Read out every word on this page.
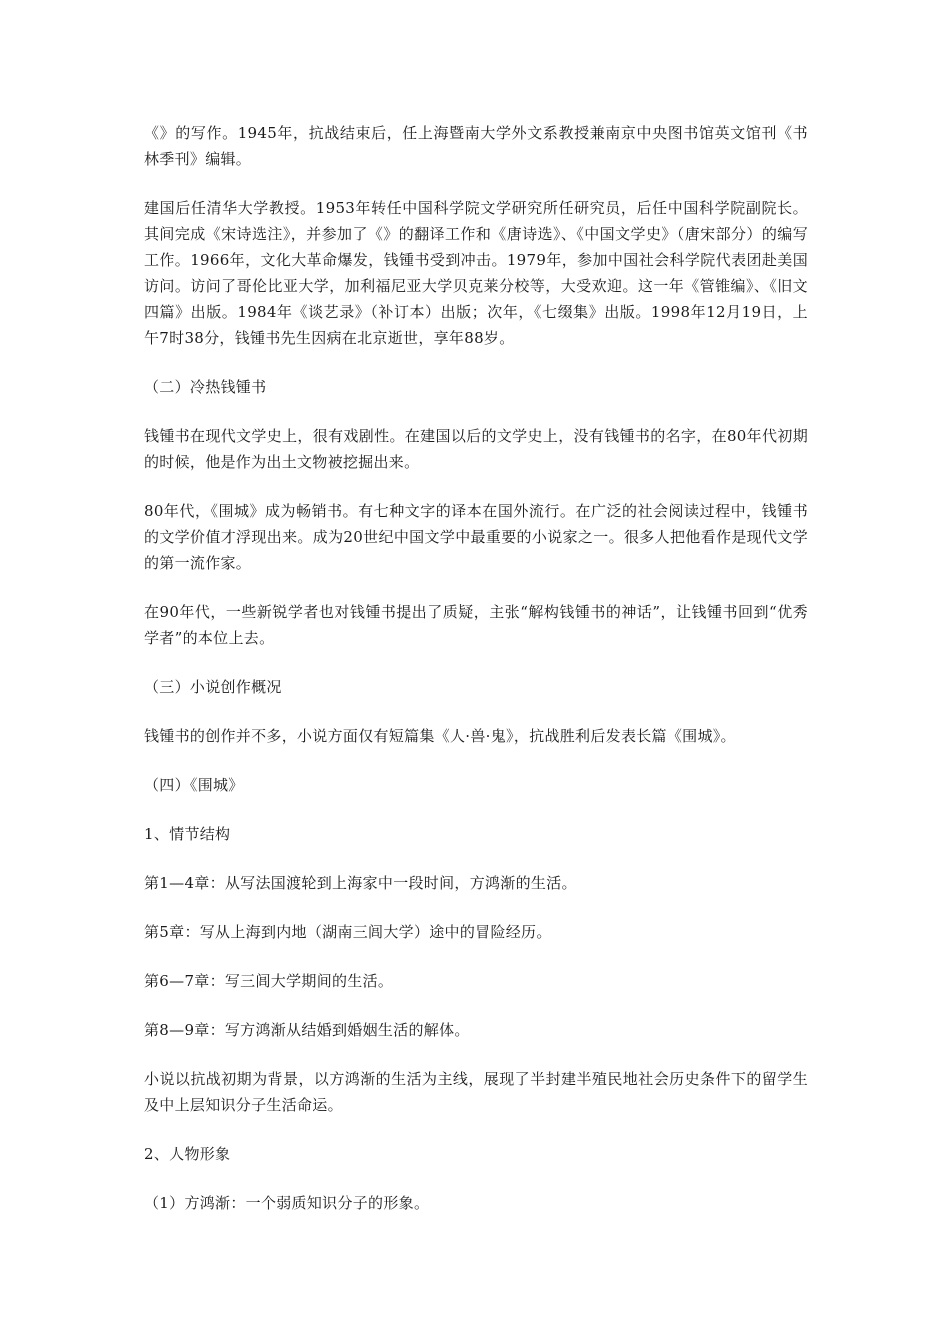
《》的写作。1945年，抗战结束后，任上海暨南大学外文系教授兼南京中央图书馆英文馆刊《书林季刊》编辑。

建国后任清华大学教授。1953年转任中国科学院文学研究所任研究员，后任中国科学院副院长。其间完成《宋诗选注》，并参加了《》的翻译工作和《唐诗选》、《中国文学史》（唐宋部分）的编写工作。1966年，文化大革命爆发，钱锺书受到冲击。1979年，参加中国社会科学院代表团赴美国访问。访问了哥伦比亚大学，加利福尼亚大学贝克莱分校等，大受欢迎。这一年《管锥编》、《旧文四篇》出版。1984年《谈艺录》（补订本）出版；次年，《七缀集》出版。1998年12月19日，上午7时38分，钱锺书先生因病在北京逝世，享年88岁。

（二）冷热钱锺书

钱锺书在现代文学史上，很有戏剧性。在建国以后的文学史上，没有钱锺书的名字，在80年代初期的时候，他是作为出土文物被挖掘出来。

80年代，《围城》成为畅销书。有七种文字的译本在国外流行。在广泛的社会阅读过程中，钱锺书的文学价值才浮现出来。成为20世纪中国文学中最重要的小说家之一。很多人把他看作是现代文学的第一流作家。

在90年代，一些新锐学者也对钱锺书提出了质疑，主张“解构钱锺书的神话”，让钱锺书回到“优秀学者”的本位上去。

（三）小说创作概况

钱锺书的创作并不多，小说方面仅有短篇集《人·兽·鬼》，抗战胜利后发表长篇《围城》。

（四）《围城》

1、情节结构

第1—4章：从写法国渡轮到上海家中一段时间，方鸿渐的生活。

第5章：写从上海到内地（湖南三闾大学）途中的冒险经历。

第6—7章：写三闾大学期间的生活。

第8—9章：写方鸿渐从结婚到婚姻生活的解体。

小说以抗战初期为背景，以方鸿渐的生活为主线，展现了半封建半殖民地社会历史条件下的留学生及中上层知识分子生活命运。

2、人物形象

（1）方鸿渐：一个弱质知识分子的形象。
